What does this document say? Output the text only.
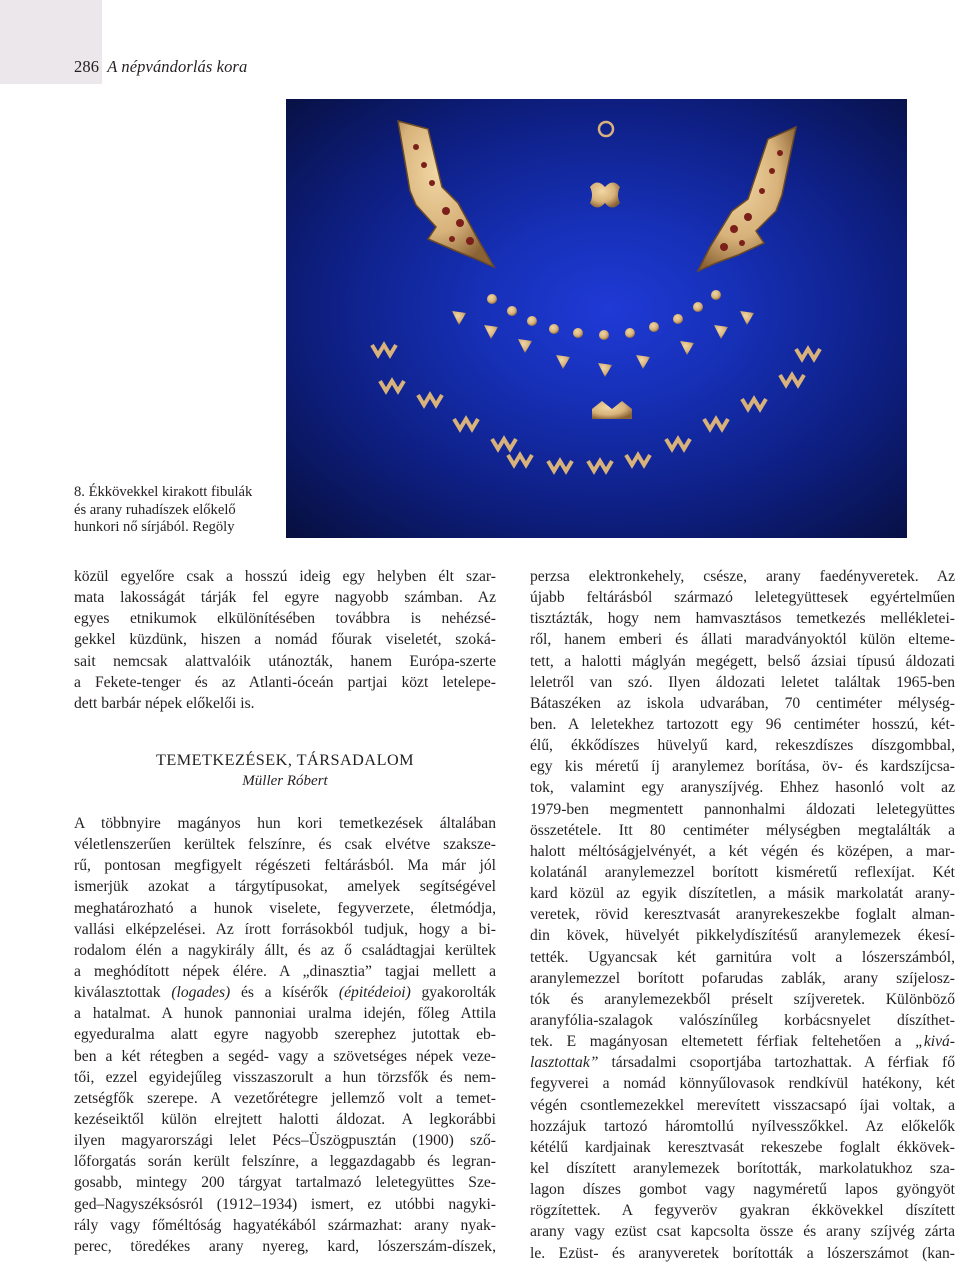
286 A népvándorlás kora
8. Ékkövekkel kirakott fibulák
és arany ruhadíszek előkelő
hunkori nő sírjából. Regöly
közül egyelőre csak a hosszú ideig egy helyben élt szar-
mata lakosságát tárják fel egyre nagyobb számban. Az
egyes etnikumok elkülönítésében továbbra is nehézsé-
gekkel küzdünk, hiszen a nomád főurak viseletét, szoká-
sait nemcsak alattvalóik utánozták, hanem Európa-szerte
a Fekete-tenger és az Atlanti-óceán partjai közt letelepe-
dett barbár népek előkelői is.
TEMETKEZÉSEK, TÁRSADALOM
Müller Róbert
A többnyire magányos hun kori temetkezések általában
véletlenszerűen kerültek felszínre, és csak elvétve szaksze-
rű, pontosan megfigyelt régészeti feltárásból. Ma már jól
ismerjük azokat a tárgytípusokat, amelyek segítségével
meghatározható a hunok viselete, fegyverzete, életmódja,
vallási elképzelései. Az írott forrásokból tudjuk, hogy a bi-
rodalom élén a nagykirály állt, és az ő családtagjai kerültek
a meghódított népek élére. A „dinasztia” tagjai mellett a
kiválasztottak (logades) és a kísérők (épitédeioi) gyakorolták
a hatalmat. A hunok pannoniai uralma idején, főleg Attila
egyeduralma alatt egyre nagyobb szerephez jutottak eb-
ben a két rétegben a segéd- vagy a szövetséges népek veze-
tői, ezzel egyidejűleg visszaszorult a hun törzsfők és nem-
zetségfők szerepe. A vezetőrétegre jellemző volt a temet-
kezéseiktől külön elrejtett halotti áldozat. A legkorábbi
ilyen magyarországi lelet Pécs–Üszögpusztán (1900) sző-
lőforgatás során került felszínre, a leggazdagabb és legran-
gosabb, mintegy 200 tárgyat tartalmazó leletegyüttes Sze-
ged–Nagyszéksósról (1912–1934) ismert, ez utóbbi nagyki-
rály vagy főméltóság hagyatékából származhat: arany nyak-
perec, töredékes arany nyereg, kard, lószerszám-díszek,
perzsa elektronkehely, csésze, arany faedényveretek. Az
újabb feltárásból származó leletegyüttesek egyértelműen
tisztázták, hogy nem hamvasztásos temetkezés mellékletei-
ről, hanem emberi és állati maradványoktól külön elteme-
tett, a halotti máglyán megégett, belső ázsiai típusú áldozati
leletről van szó. Ilyen áldozati leletet találtak 1965-ben
Bátaszéken az iskola udvarában, 70 centiméter mélység-
ben. A leletekhez tartozott egy 96 centiméter hosszú, két-
élű, ékkődíszes hüvelyű kard, rekeszdíszes díszgombbal,
egy kis méretű íj aranylemez borítása, öv- és kardszíjcsa-
tok, valamint egy aranyszíjvég. Ehhez hasonló volt az
1979-ben megmentett pannonhalmi áldozati leletegyüttes
összetétele. Itt 80 centiméter mélységben megtalálták a
halott méltóságjelvényét, a két végén és középen, a mar-
kolatánál aranylemezzel borított kisméretű reflexíjat. Két
kard közül az egyik díszítetlen, a másik markolatát arany-
veretek, rövid keresztvasát aranyrekeszekbe foglalt alman-
din kövek, hüvelyét pikkelydíszítésű aranylemezek ékesí-
tették. Ugyancsak két garnitúra volt a lószerszámból,
aranylemezzel borított pofarudas zablák, arany szíjelosz-
tók és aranylemezekből préselt szíjveretek. Különböző
aranyfólia-szalagok valószínűleg korbácsnyelet díszíthet-
tek. E magányosan eltemetett férfiak feltehetően a „kivá-
lasztottak” társadalmi csoportjába tartozhattak. A férfiak fő
fegyverei a nomád könnyűlovasok rendkívül hatékony, két
végén csontlemezekkel merevített visszacsapó íjai voltak, a
hozzájuk tartozó háromtollú nyílvesszőkkel. Az előkelők
kétélű kardjainak keresztvasát rekeszebe foglalt ékkövek-
kel díszített aranylemezek borították, markolatukhoz sza-
lagon díszes gombot vagy nagyméretű lapos gyöngyöt
rögzítettek. A fegyveröv gyakran ékkövekkel díszített
arany vagy ezüst csat kapcsolta össze és arany szíjvég zárta
le. Ezüst- és aranyveretek borították a lószerszámot (kan-
